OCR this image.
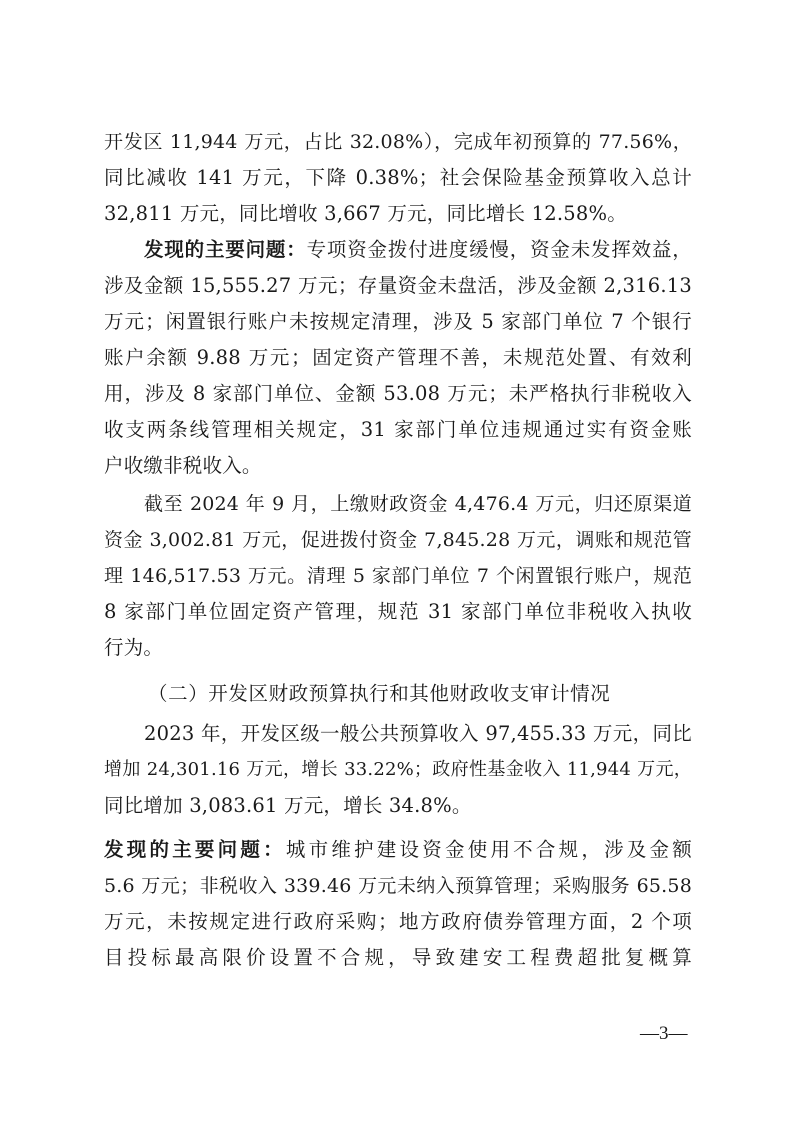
开发区 11,944 万元，占比 32.08%），完成年初预算的 77.56%，
同比减收 141 万元，下降 0.38%；社会保险基金预算收入总计
32,811 万元，同比增收 3,667 万元，同比增长 12.58%。
发现的主要问题：专项资金拨付进度缓慢，资金未发挥效益，
涉及金额 15,555.27 万元；存量资金未盘活，涉及金额 2,316.13
万元；闲置银行账户未按规定清理，涉及 5 家部门单位 7 个银行
账户余额 9.88 万元；固定资产管理不善，未规范处置、有效利
用，涉及 8 家部门单位、金额 53.08 万元；未严格执行非税收入
收支两条线管理相关规定，31 家部门单位违规通过实有资金账
户收缴非税收入。
截至 2024 年 9 月，上缴财政资金 4,476.4 万元，归还原渠道
资金 3,002.81 万元，促进拨付资金 7,845.28 万元，调账和规范管
理 146,517.53 万元。清理 5 家部门单位 7 个闲置银行账户，规范
8 家部门单位固定资产管理，规范 31 家部门单位非税收入执收
行为。
（二）开发区财政预算执行和其他财政收支审计情况
2023 年，开发区级一般公共预算收入 97,455.33 万元，同比
增加 24,301.16 万元，增长 33.22%；政府性基金收入 11,944 万元，
同比增加 3,083.61 万元，增长 34.8%。
发现的主要问题：城市维护建设资金使用不合规，涉及金额
5.6 万元；非税收入 339.46 万元未纳入预算管理；采购服务 65.58
万元，未按规定进行政府采购；地方政府债券管理方面，2 个项
目投标最高限价设置不合规，导致建安工程费超批复概算
—3—
